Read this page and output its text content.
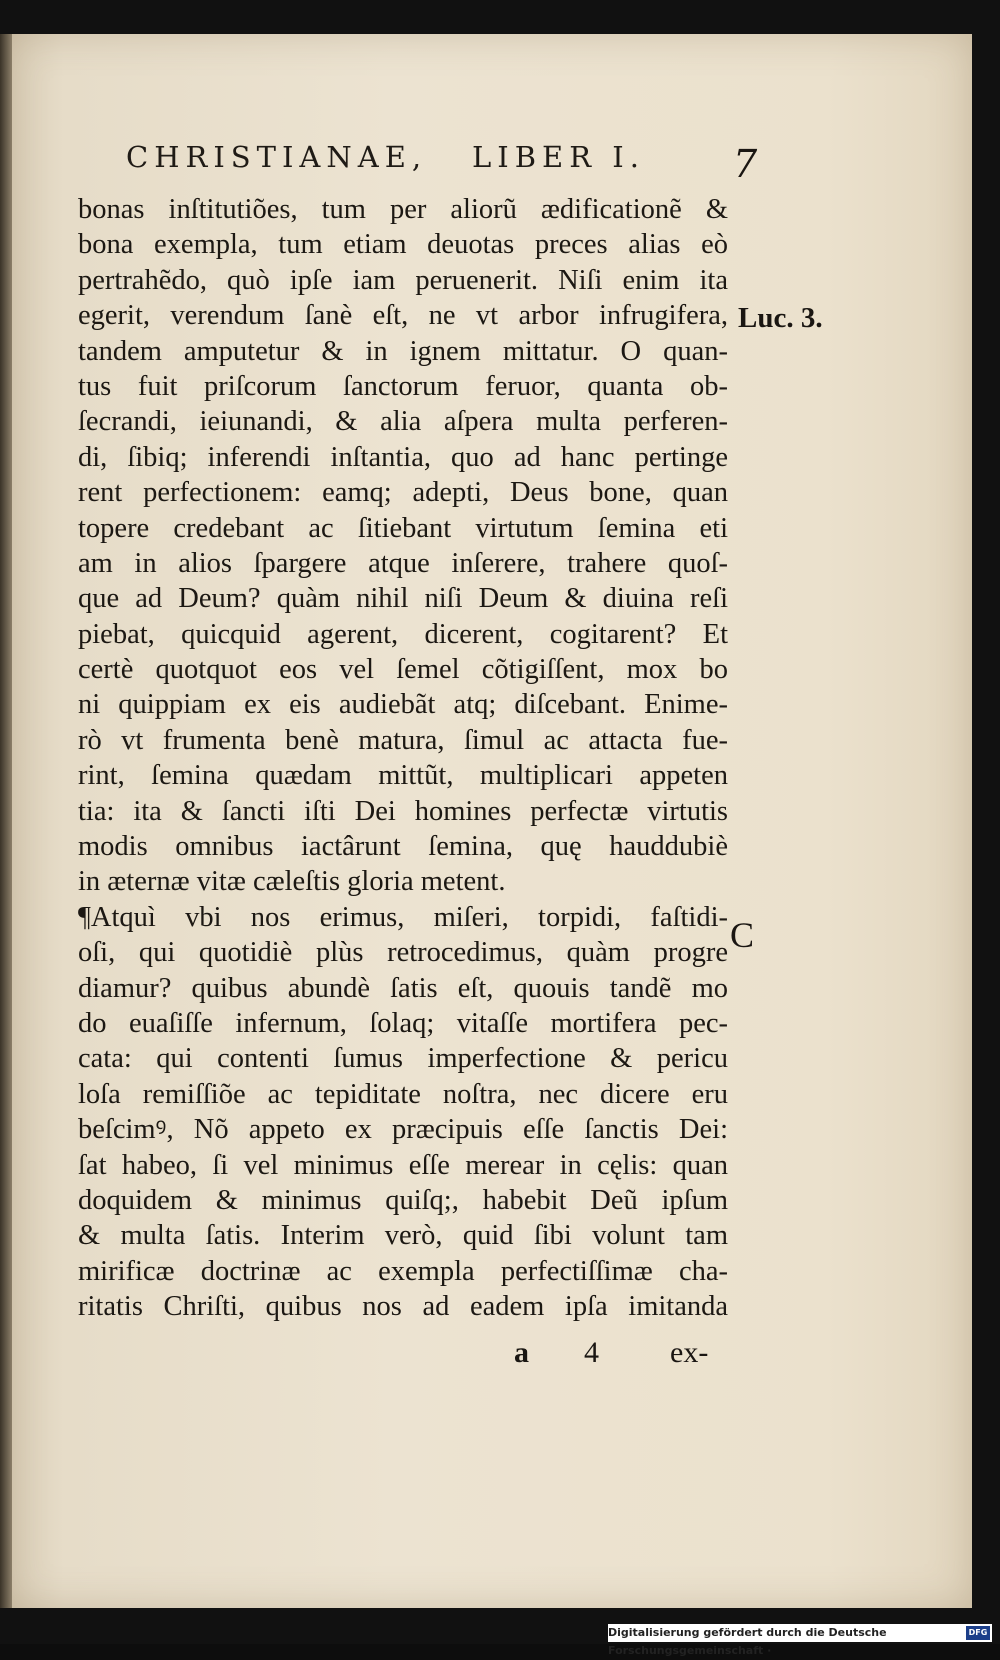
CHRISTIANAE, LIBER I. 7
bonas inſtitutiões, tum per aliorũ ædificationẽ &
bona exempla, tum etiam deuotas preces alias eò
pertrahẽdo, quò ipſe iam peruenerit. Niſi enim ita
egerit, verendum ſanè eſt, ne vt arbor infrugifera,
tandem amputetur & in ignem mittatur. O quan-
tus fuit priſcorum ſanctorum feruor, quanta ob-
ſecrandi, ieiunandi, & alia aſpera multa perferen-
di, ſibiq; inferendi inſtantia, quo ad hanc pertinge
rent perfectionem: eamq; adepti, Deus bone, quan
topere credebant ac ſitiebant virtutum ſemina eti
am in alios ſpargere atque inſerere, trahere quoſ-
que ad Deum? quàm nihil niſi Deum & diuina reſi
piebat, quicquid agerent, dicerent, cogitarent? Et
certè quotquot eos vel ſemel cõtigiſſent, mox bo
ni quippiam ex eis audiebãt atq; diſcebant. Enime-
rò vt frumenta benè matura, ſimul ac attacta fue-
rint, ſemina quædam mittũt, multiplicari appeten
tia: ita & ſancti iſti Dei homines perfectæ virtutis
modis omnibus iactârunt ſemina, quę hauddubiè
in æternæ vitæ cæleſtis gloria metent.
¶Atquì vbi nos erimus, miſeri, torpidi, faſtidi-
oſi, qui quotidiè plùs retrocedimus, quàm progre
diamur? quibus abundè ſatis eſt, quouis tandẽ mo
do euaſiſſe infernum, ſolaq; vitaſſe mortifera pec-
cata: qui contenti ſumus imperfectione & pericu
loſa remiſſiõe ac tepiditate noſtra, nec dicere eru
beſcimꝰ, Nõ appeto ex præcipuis eſſe ſanctis Dei:
ſat habeo, ſi vel minimus eſſe merear in cęlis: quan
doquidem & minimus quiſq;, habebit Deũ ipſum
& multa ſatis. Interim verò, quid ſibi volunt tam
mirificæ doctrinæ ac exempla perfectiſſimæ cha-
ritatis Chriſti, quibus nos ad eadem ipſa imitanda
Luc. 3.
C
a 4 ex-
Digitalisierung gefördert durch die Deutsche Forschungsgemeinschaft ·
DFG
